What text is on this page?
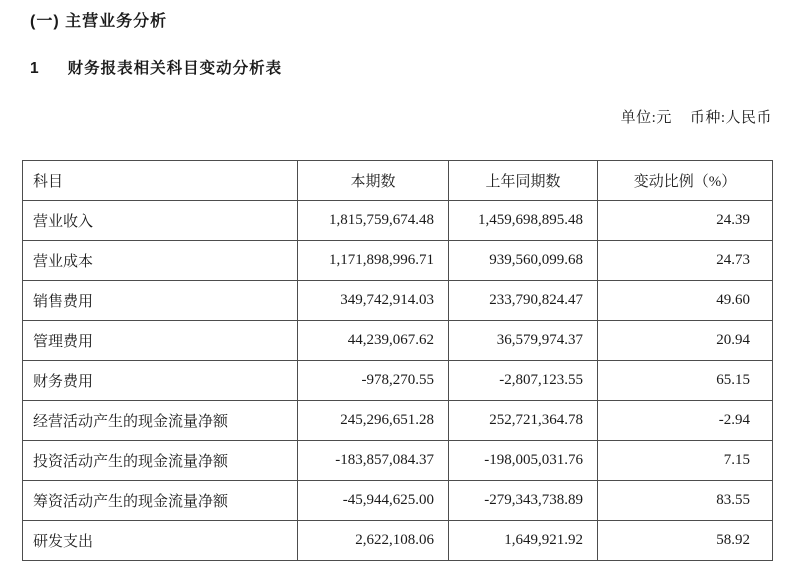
(一) 主营业务分析
1 财务报表相关科目变动分析表
单位:元 币种:人民币
科目	本期数	上年同期数	变动比例（%）
营业收入	1,815,759,674.48	1,459,698,895.48	24.39
营业成本	1,171,898,996.71	939,560,099.68	24.73
销售费用	349,742,914.03	233,790,824.47	49.60
管理费用	44,239,067.62	36,579,974.37	20.94
财务费用	-978,270.55	-2,807,123.55	65.15
经营活动产生的现金流量净额	245,296,651.28	252,721,364.78	-2.94
投资活动产生的现金流量净额	-183,857,084.37	-198,005,031.76	7.15
筹资活动产生的现金流量净额	-45,944,625.00	-279,343,738.89	83.55
研发支出	2,622,108.06	1,649,921.92	58.92
